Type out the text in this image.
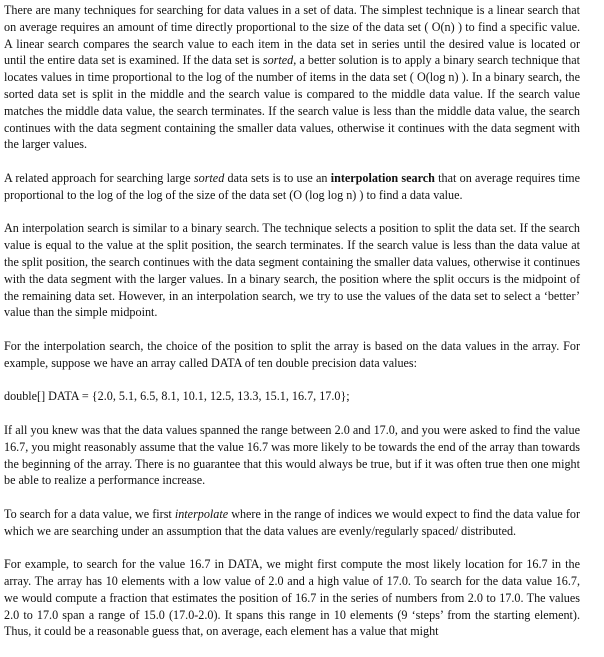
There are many techniques for searching for data values in a set of data. The simplest technique is a linear search that on average requires an amount of time directly proportional to the size of the data set ( O(n) ) to find a specific value. A linear search compares the search value to each item in the data set in series until the desired value is located or until the entire data set is examined. If the data set is sorted, a better solution is to apply a binary search technique that locates values in time proportional to the log of the number of items in the data set ( O(log n) ). In a binary search, the sorted data set is split in the middle and the search value is compared to the middle data value. If the search value matches the middle data value, the search terminates. If the search value is less than the middle data value, the search continues with the data segment containing the smaller data values, otherwise it continues with the data segment with the larger values.

A related approach for searching large sorted data sets is to use an interpolation search that on average requires time proportional to the log of the log of the size of the data set (O (log log n) ) to find a data value.

An interpolation search is similar to a binary search. The technique selects a position to split the data set. If the search value is equal to the value at the split position, the search terminates. If the search value is less than the data value at the split position, the search continues with the data segment containing the smaller data values, otherwise it continues with the data segment with the larger values. In a binary search, the position where the split occurs is the midpoint of the remaining data set. However, in an interpolation search, we try to use the values of the data set to select a ‘better’ value than the simple midpoint.

For the interpolation search, the choice of the position to split the array is based on the data values in the array. For example, suppose we have an array called DATA of ten double precision data values:

double[] DATA = {2.0, 5.1, 6.5, 8.1, 10.1, 12.5, 13.3, 15.1, 16.7, 17.0};

If all you knew was that the data values spanned the range between 2.0 and 17.0, and you were asked to find the value 16.7, you might reasonably assume that the value 16.7 was more likely to be towards the end of the array than towards the beginning of the array. There is no guarantee that this would always be true, but if it was often true then one might be able to realize a performance increase.

To search for a data value, we first interpolate where in the range of indices we would expect to find the data value for which we are searching under an assumption that the data values are evenly/regularly spaced/ distributed.

For example, to search for the value 16.7 in DATA, we might first compute the most likely location for 16.7 in the array. The array has 10 elements with a low value of 2.0 and a high value of 17.0. To search for the data value 16.7, we would compute a fraction that estimates the position of 16.7 in the series of numbers from 2.0 to 17.0. The values 2.0 to 17.0 span a range of 15.0 (17.0-2.0). It spans this range in 10 elements (9 ‘steps’ from the starting element). Thus, it could be a reasonable guess that, on average, each element has a value that might
